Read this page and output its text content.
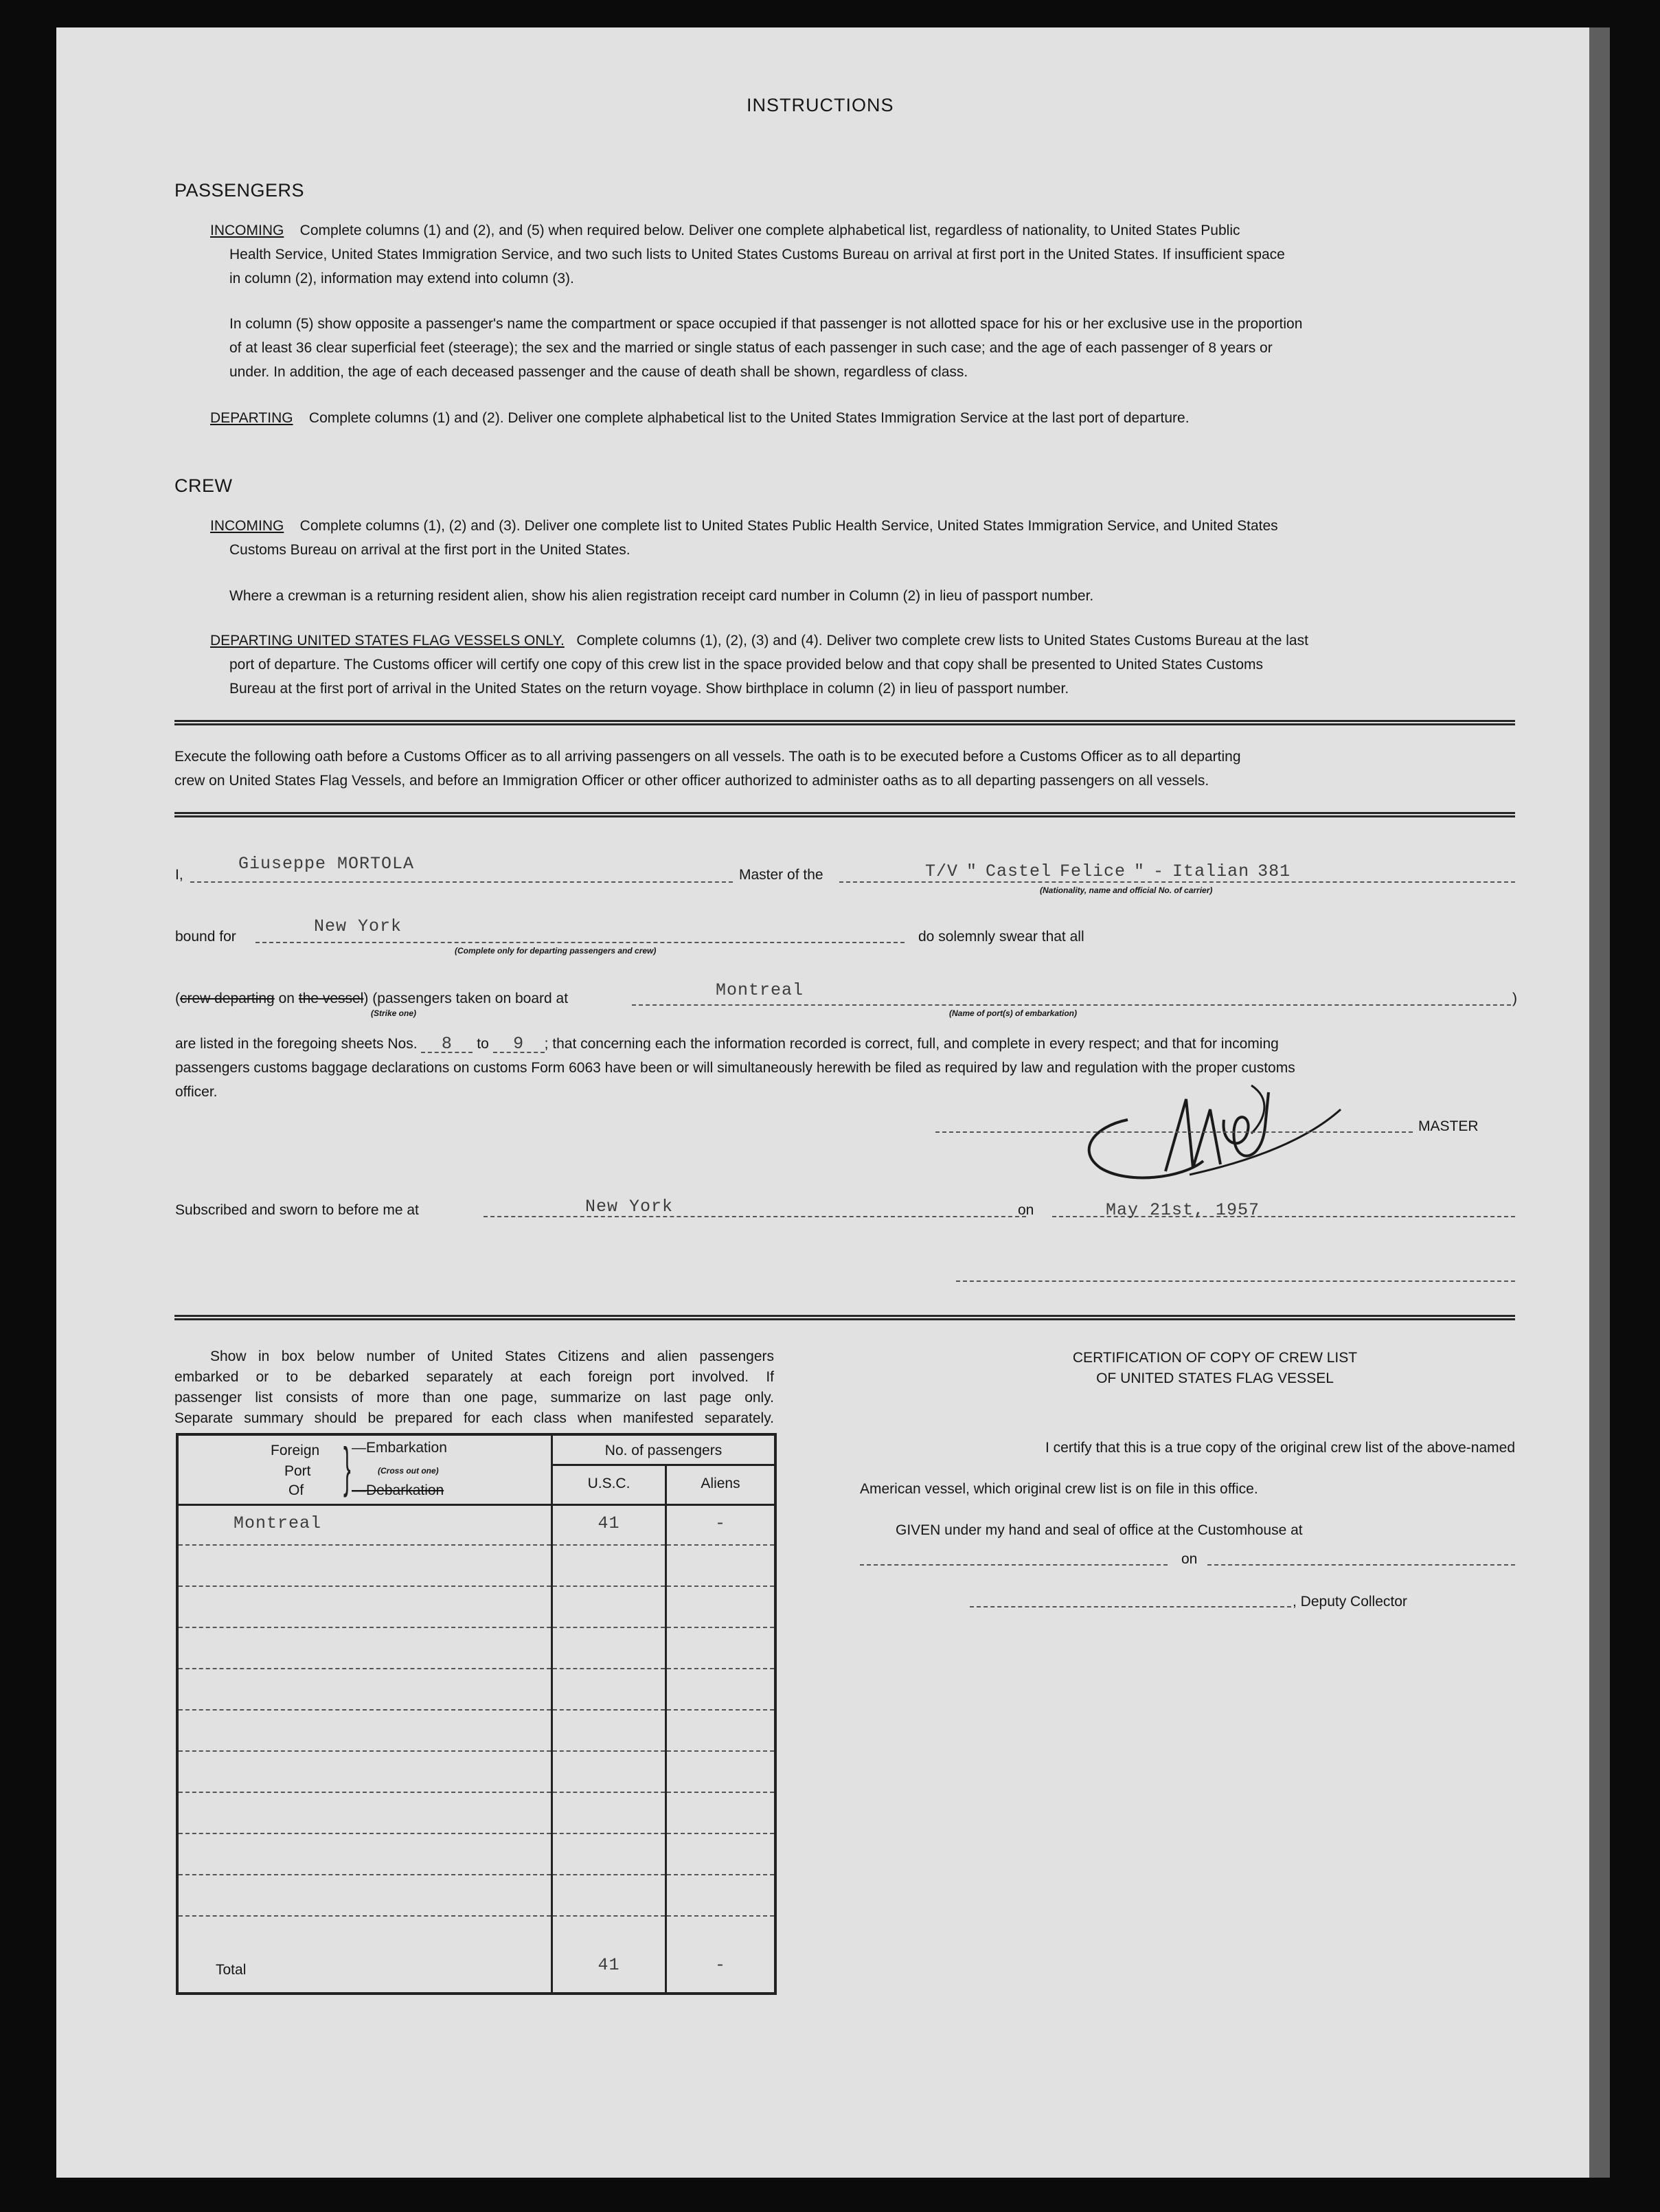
INSTRUCTIONS
PASSENGERS
INCOMING Complete columns (1) and (2), and (5) when required below. Deliver one complete alphabetical list, regardless of nationality, to United States Public
Health Service, United States Immigration Service, and two such lists to United States Customs Bureau on arrival at first port in the United States. If insufficient space
in column (2), information may extend into column (3).
In column (5) show opposite a passenger's name the compartment or space occupied if that passenger is not allotted space for his or her exclusive use in the proportion
of at least 36 clear superficial feet (steerage); the sex and the married or single status of each passenger in such case; and the age of each passenger of 8 years or
under. In addition, the age of each deceased passenger and the cause of death shall be shown, regardless of class.
DEPARTING Complete columns (1) and (2). Deliver one complete alphabetical list to the United States Immigration Service at the last port of departure.
CREW
INCOMING Complete columns (1), (2) and (3). Deliver one complete list to United States Public Health Service, United States Immigration Service, and United States
Customs Bureau on arrival at the first port in the United States.
Where a crewman is a returning resident alien, show his alien registration receipt card number in Column (2) in lieu of passport number.
DEPARTING UNITED STATES FLAG VESSELS ONLY. Complete columns (1), (2), (3) and (4). Deliver two complete crew lists to United States Customs Bureau at the last
port of departure. The Customs officer will certify one copy of this crew list in the space provided below and that copy shall be presented to United States Customs
Bureau at the first port of arrival in the United States on the return voyage. Show birthplace in column (2) in lieu of passport number.
Execute the following oath before a Customs Officer as to all arriving passengers on all vessels. The oath is to be executed before a Customs Officer as to all departing
crew on United States Flag Vessels, and before an Immigration Officer or other officer authorized to administer oaths as to all departing passengers on all vessels.
I,
Giuseppe MORTOLA
Master of the	T/V " Castel Felice " - Italian 381
(Nationality, name and official No. of carrier)
bound for
New York
(Complete only for departing passengers and crew)
do solemnly swear that all
(crew departing on the vessel) (passengers taken on board at	Montreal	)
(Strike one)	(Name of port(s) of embarkation)
are listed in the foregoing sheets Nos. 8 to 9 ; that concerning each the information recorded is correct, full, and complete in every respect; and that for incoming
passengers customs baggage declarations on customs Form 6063 have been or will simultaneously herewith be filed as required by law and regulation with the proper customs
officer.
MASTER
Subscribed and sworn to before me at	New York	on	May 21st, 1957
Show in box below number of United States Citizens and alien passengers
embarked or to be debarked separately at each foreign port involved. If
passenger list consists of more than one page, summarize on last page only.
Separate summary should be prepared for each class when manifested separately.
Foreign
Port
Of } —Embarkation
(Cross out one)
—Debarkation
No. of passengers
U.S.C.	Aliens
Montreal	41	-
Total	41	-
CERTIFICATION OF COPY OF CREW LIST
OF UNITED STATES FLAG VESSEL
I certify that this is a true copy of the original crew list of the above-named
American vessel, which original crew list is on file in this office.
GIVEN under my hand and seal of office at the Customhouse at
on
, Deputy Collector
